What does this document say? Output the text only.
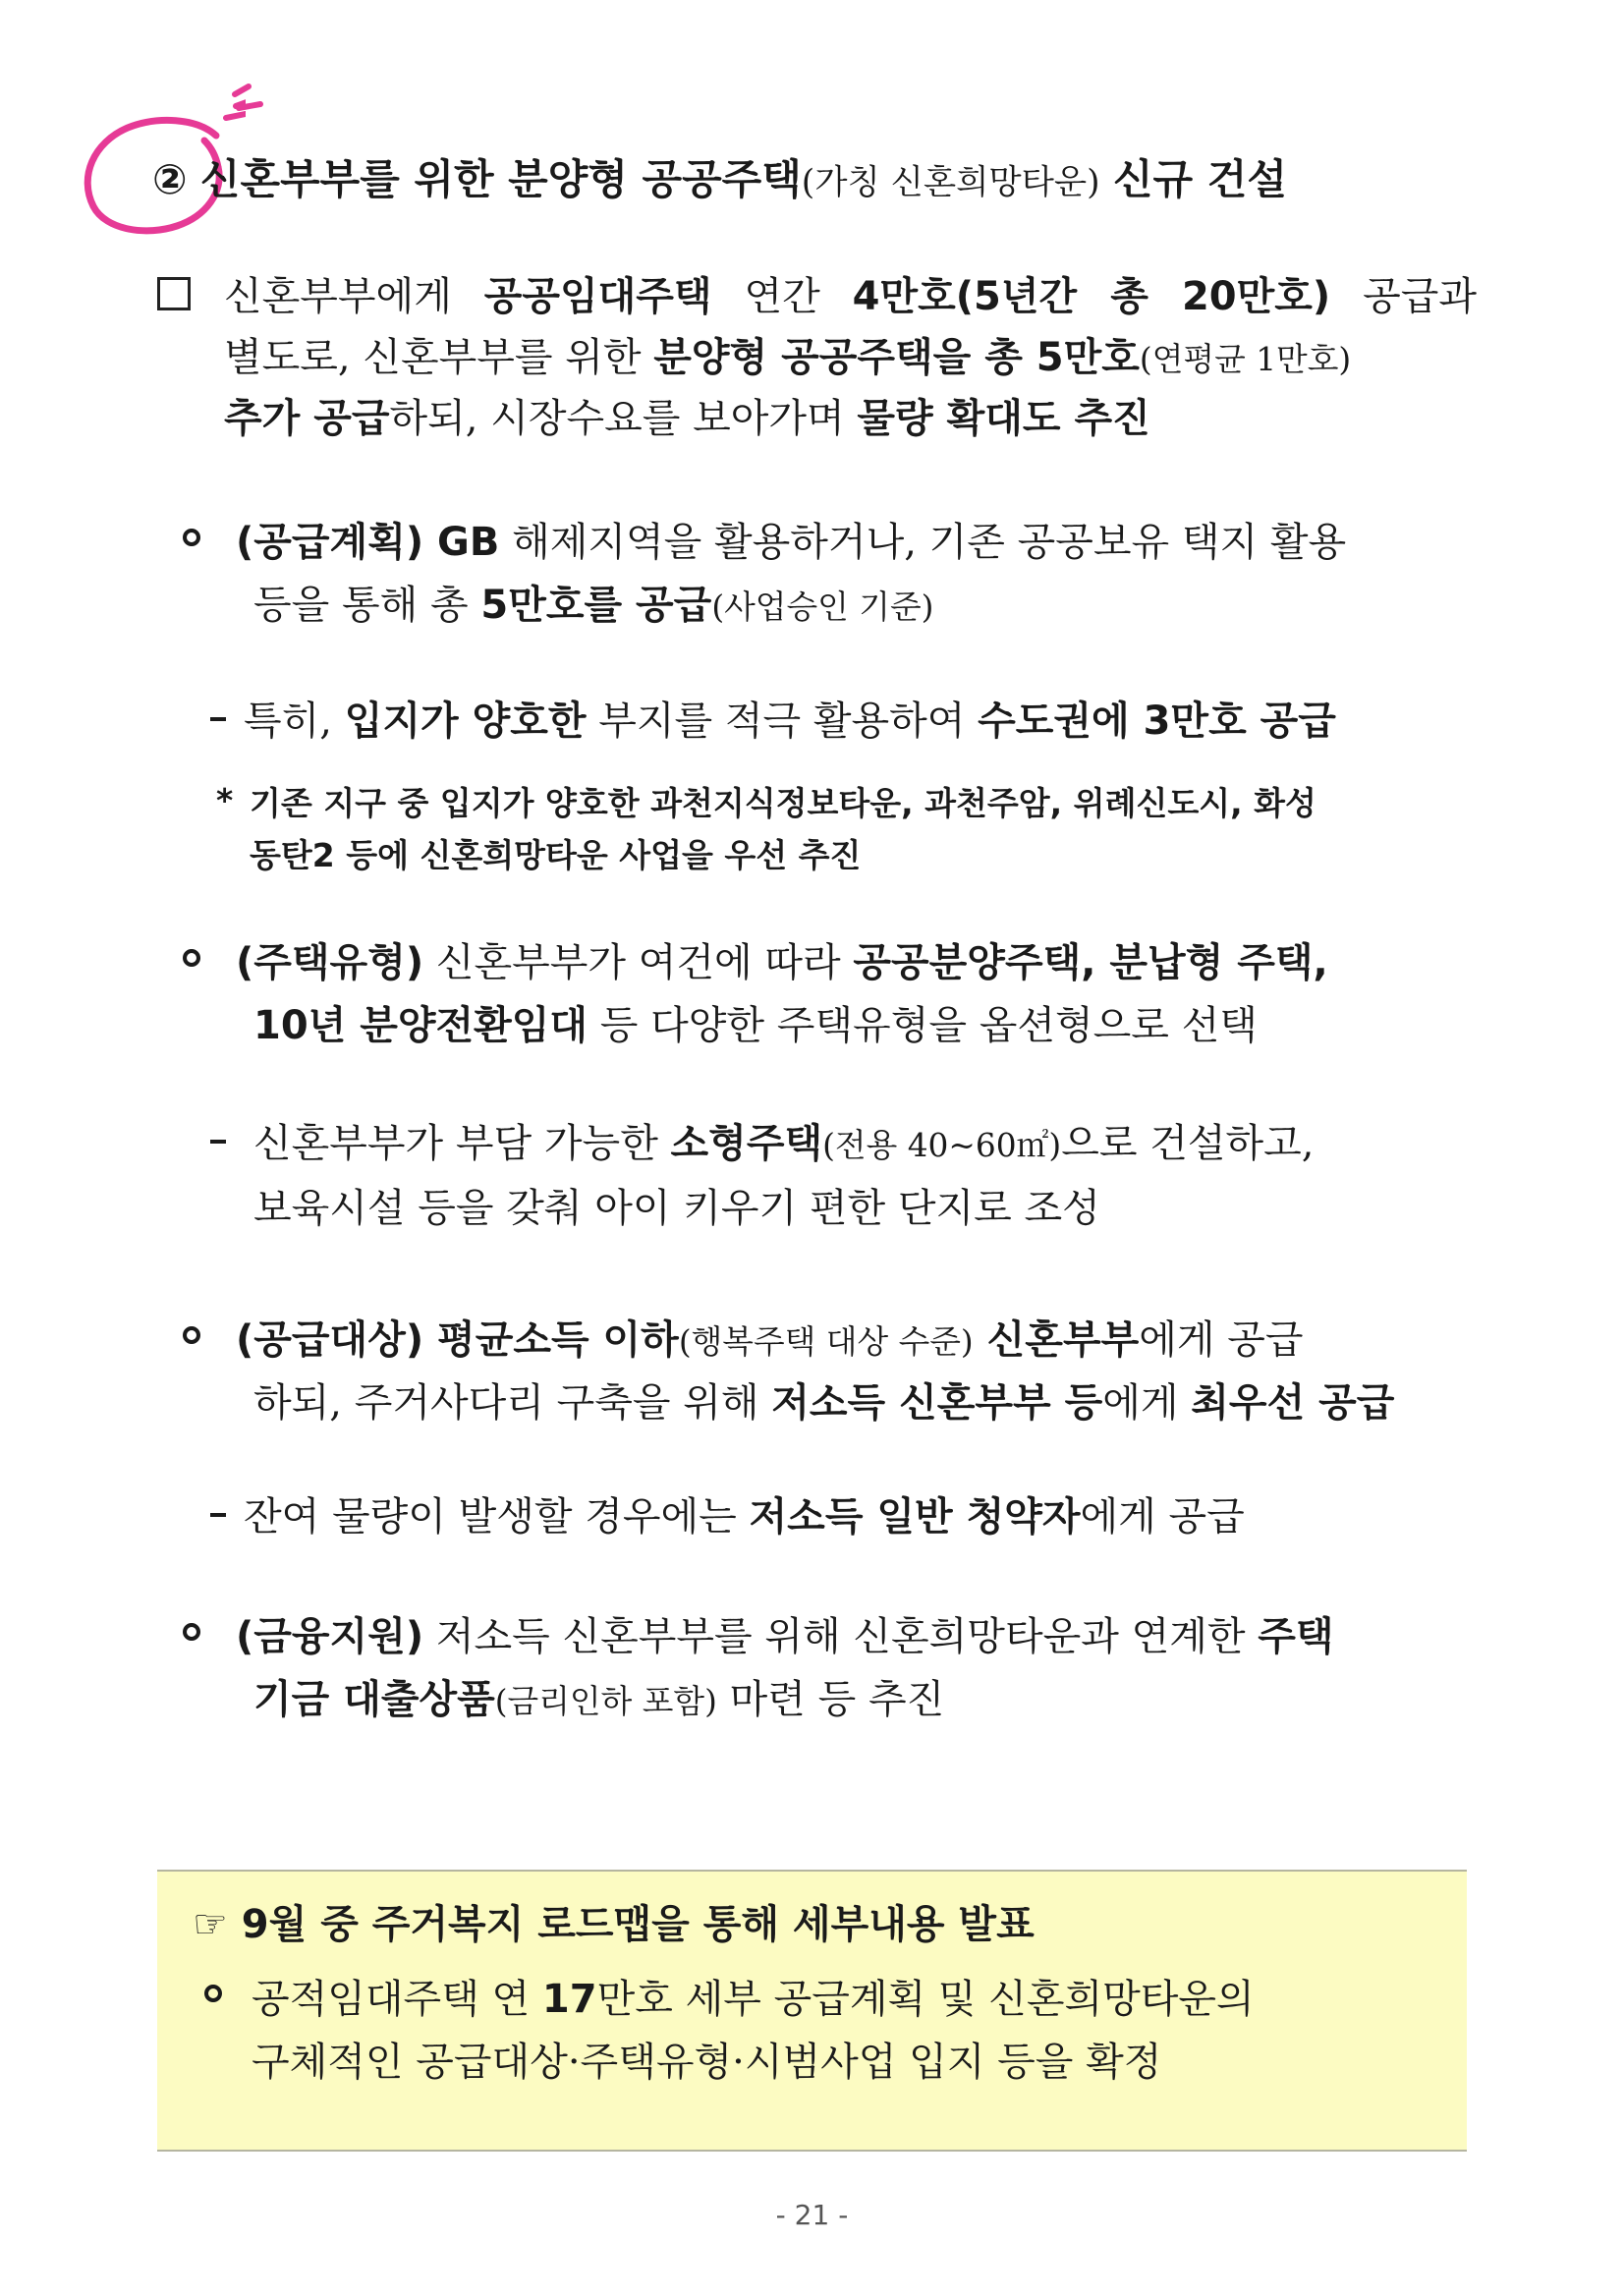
② 신혼부부를 위한 분양형 공공주택(가칭 신혼희망타운) 신규 건설
신혼부부에게 공공임대주택 연간 4만호(5년간 총 20만호) 공급과
별도로, 신혼부부를 위한 분양형 공공주택을 총 5만호(연평균 1만호)
추가 공급하되, 시장수요를 보아가며 물량 확대도 추진
(공급계획) GB 해제지역을 활용하거나, 기존 공공보유 택지 활용
등을 통해 총 5만호를 공급(사업승인 기준)
특히, 입지가 양호한 부지를 적극 활용하여 수도권에 3만호 공급
* 기존 지구 중 입지가 양호한 과천지식정보타운, 과천주암, 위례신도시, 화성
동탄2 등에 신혼희망타운 사업을 우선 추진
(주택유형) 신혼부부가 여건에 따라 공공분양주택, 분납형 주택,
10년 분양전환임대 등 다양한 주택유형을 옵션형으로 선택
신혼부부가 부담 가능한 소형주택(전용 40~60㎡)으로 건설하고,
보육시설 등을 갖춰 아이 키우기 편한 단지로 조성
(공급대상) 평균소득 이하(행복주택 대상 수준) 신혼부부에게 공급
하되, 주거사다리 구축을 위해 저소득 신혼부부 등에게 최우선 공급
잔여 물량이 발생할 경우에는 저소득 일반 청약자에게 공급
(금융지원) 저소득 신혼부부를 위해 신혼희망타운과 연계한 주택
기금 대출상품(금리인하 포함) 마련 등 추진
☞ 9월 중 주거복지 로드맵을 통해 세부내용 발표
공적임대주택 연 17만호 세부 공급계획 및 신혼희망타운의
구체적인 공급대상·주택유형·시범사업 입지 등을 확정
- 21 -
